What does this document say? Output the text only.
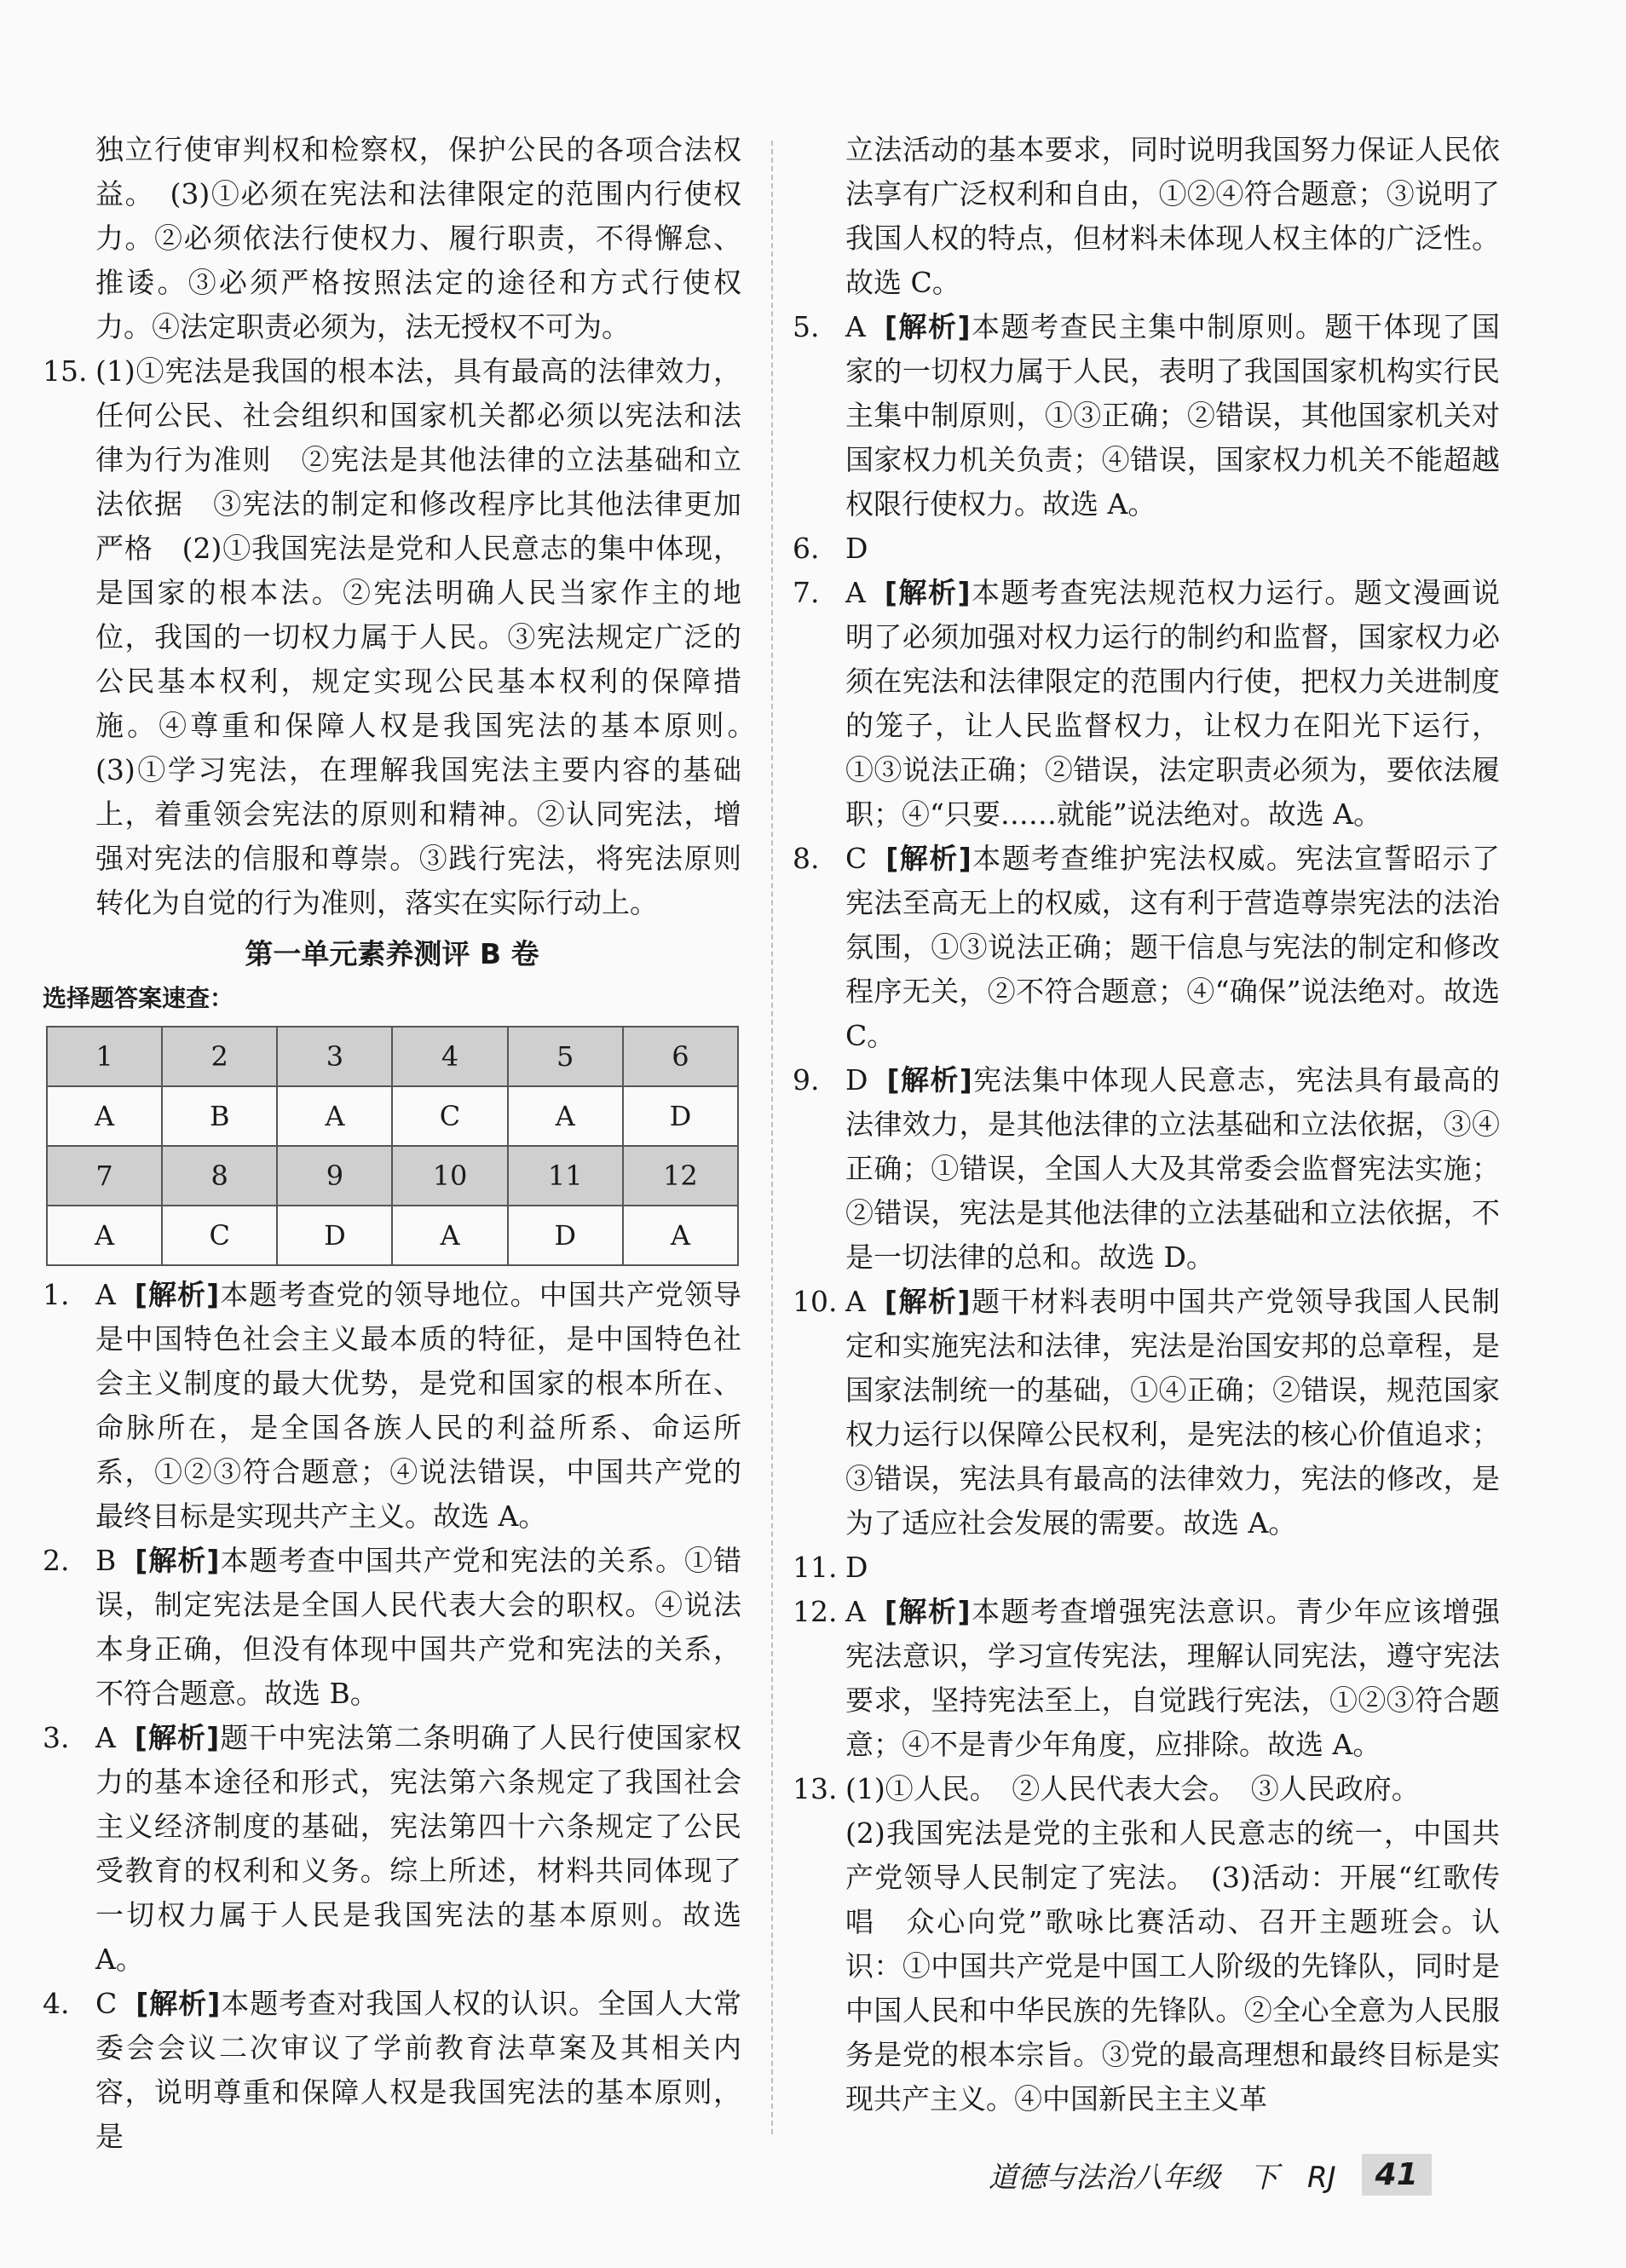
独立行使审判权和检察权，保护公民的各项合法权益。　(3)①必须在宪法和法律限定的范围内行使权力。②必须依法行使权力、履行职责，不得懈怠、推诿。③必须严格按照法定的途径和方式行使权力。④法定职责必须为，法无授权不可为。

15. (1)①宪法是我国的根本法，具有最高的法律效力，任何公民、社会组织和国家机关都必须以宪法和法律为行为准则　②宪法是其他法律的立法基础和立法依据　③宪法的制定和修改程序比其他法律更加严格　(2)①我国宪法是党和人民意志的集中体现，是国家的根本法。②宪法明确人民当家作主的地位，我国的一切权力属于人民。③宪法规定广泛的公民基本权利，规定实现公民基本权利的保障措施。④尊重和保障人权是我国宪法的基本原则。　(3)①学习宪法，在理解我国宪法主要内容的基础上，着重领会宪法的原则和精神。②认同宪法，增强对宪法的信服和尊崇。③践行宪法，将宪法原则转化为自觉的行为准则，落实在实际行动上。
第一单元素养测评 B 卷
选择题答案速查：
1	2	3	4	5	6
A	B	A	C	A	D
7	8	9	10	11	12
A	C	D	A	D	A
1. A [解析]本题考查党的领导地位。中国共产党领导是中国特色社会主义最本质的特征，是中国特色社会主义制度的最大优势，是党和国家的根本所在、命脉所在，是全国各族人民的利益所系、命运所系，①②③符合题意；④说法错误，中国共产党的最终目标是实现共产主义。故选 A。
2. B [解析]本题考查中国共产党和宪法的关系。①错误，制定宪法是全国人民代表大会的职权。④说法本身正确，但没有体现中国共产党和宪法的关系，不符合题意。故选 B。
3. A [解析]题干中宪法第二条明确了人民行使国家权力的基本途径和形式，宪法第六条规定了我国社会主义经济制度的基础，宪法第四十六条规定了公民受教育的权利和义务。综上所述，材料共同体现了一切权力属于人民是我国宪法的基本原则。故选 A。
4. C [解析]本题考查对我国人权的认识。全国人大常委会会议二次审议了学前教育法草案及其相关内容，说明尊重和保障人权是我国宪法的基本原则，是

立法活动的基本要求，同时说明我国努力保证人民依法享有广泛权利和自由，①②④符合题意；③说明了我国人权的特点，但材料未体现人权主体的广泛性。故选 C。

5. A [解析]本题考查民主集中制原则。题干体现了国家的一切权力属于人民，表明了我国国家机构实行民主集中制原则，①③正确；②错误，其他国家机关对国家权力机关负责；④错误，国家权力机关不能超越权限行使权力。故选 A。
6. D
7. A [解析]本题考查宪法规范权力运行。题文漫画说明了必须加强对权力运行的制约和监督，国家权力必须在宪法和法律限定的范围内行使，把权力关进制度的笼子，让人民监督权力，让权力在阳光下运行，①③说法正确；②错误，法定职责必须为，要依法履职；④“只要……就能”说法绝对。故选 A。
8. C [解析]本题考查维护宪法权威。宪法宣誓昭示了宪法至高无上的权威，这有利于营造尊崇宪法的法治氛围，①③说法正确；题干信息与宪法的制定和修改程序无关，②不符合题意；④“确保”说法绝对。故选 C。
9. D [解析]宪法集中体现人民意志，宪法具有最高的法律效力，是其他法律的立法基础和立法依据，③④正确；①错误，全国人大及其常委会监督宪法实施；②错误，宪法是其他法律的立法基础和立法依据，不是一切法律的总和。故选 D。
10. A [解析]题干材料表明中国共产党领导我国人民制定和实施宪法和法律，宪法是治国安邦的总章程，是国家法制统一的基础，①④正确；②错误，规范国家权力运行以保障公民权利，是宪法的核心价值追求；③错误，宪法具有最高的法律效力，宪法的修改，是为了适应社会发展的需要。故选 A。
11. D
12. A [解析]本题考查增强宪法意识。青少年应该增强宪法意识，学习宣传宪法，理解认同宪法，遵守宪法要求，坚持宪法至上，自觉践行宪法，①②③符合题意；④不是青少年角度，应排除。故选 A。
13. (1)①人民。　②人民代表大会。　③人民政府。

(2)我国宪法是党的主张和人民意志的统一，中国共产党领导人民制定了宪法。　(3)活动：开展“红歌传唱　众心向党”歌咏比赛活动、召开主题班会。认识：①中国共产党是中国工人阶级的先锋队，同时是中国人民和中华民族的先锋队。②全心全意为人民服务是党的根本宗旨。③党的最高理想和最终目标是实现共产主义。④中国新民主主义革

道德与法治八年级　下　RJ	41
